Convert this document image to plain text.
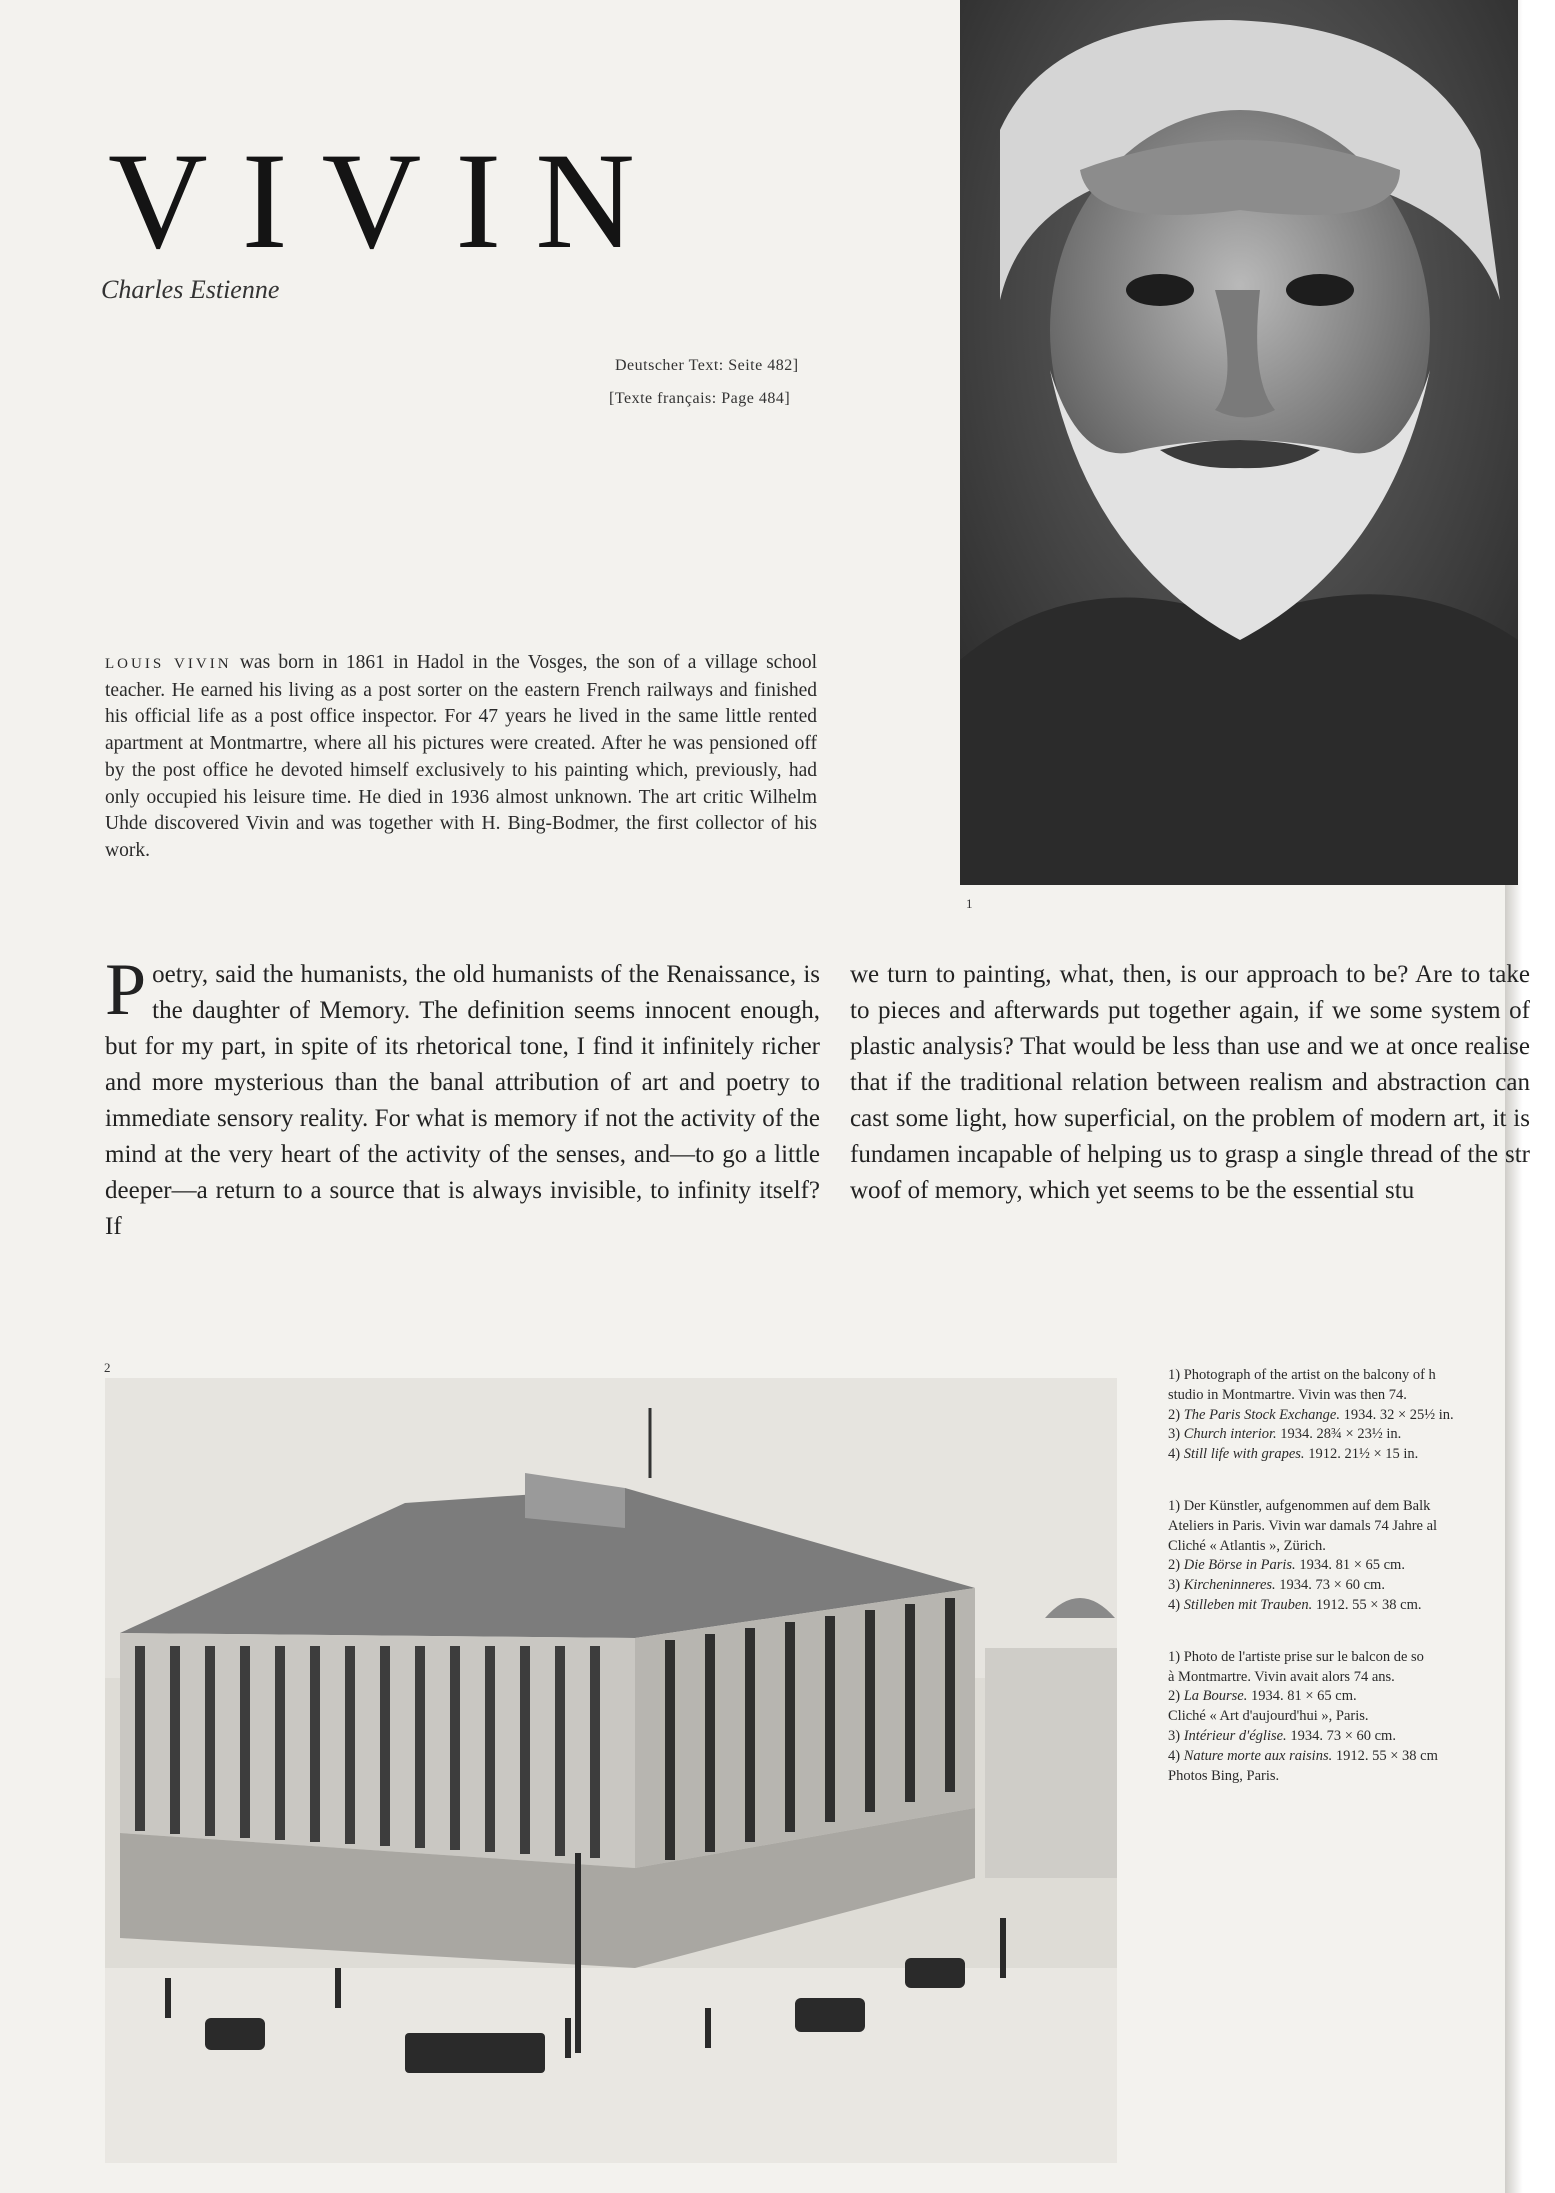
VIVIN
Charles Estienne
Deutscher Text: Seite 482]
[Texte français: Page 484]
1
LOUIS VIVIN was born in 1861 in Hadol in the Vosges, the son of a village school teacher. He earned his living as a post sorter on the eastern French railways and finished his official life as a post office inspector. For 47 years he lived in the same little rented apartment at Montmartre, where all his pictures were created. After he was pensioned off by the post office he devoted himself exclusively to his painting which, previously, had only occupied his leisure time. He died in 1936 almost unknown. The art critic Wilhelm Uhde discovered Vivin and was together with H. Bing-Bodmer, the first collector of his work.
Poetry, said the humanists, the old humanists of the Renaissance, is the daughter of Memory. The definition seems innocent enough, but for my part, in spite of its rhetorical tone, I find it infinitely richer and more mysterious than the banal attribution of art and poetry to immediate sensory reality. For what is memory if not the activity of the mind at the very heart of the activity of the senses, and—to go a little deeper—a return to a source that is always invisible, to infinity itself? If
we turn to painting, what, then, is our approach to be? Are to take to pieces and afterwards put together again, if we some system of plastic analysis? That would be less than use and we at once realise that if the traditional relation between realism and abstraction can cast some light, how superficial, on the problem of modern art, it is fundamen incapable of helping us to grasp a single thread of the str woof of memory, which yet seems to be the essential stu
2	1) Photograph of the artist on the balcony of h
studio in Montmartre. Vivin was then 74.
2) The Paris Stock Exchange. 1934. 32 × 25½ in.
3) Church interior. 1934. 28¾ × 23½ in.
4) Still life with grapes. 1912. 21½ × 15 in.
1) Der Künstler, aufgenommen auf dem Balk
Ateliers in Paris. Vivin war damals 74 Jahre al
Cliché « Atlantis », Zürich.
2) Die Börse in Paris. 1934. 81 × 65 cm.
3) Kircheninneres. 1934. 73 × 60 cm.
4) Stilleben mit Trauben. 1912. 55 × 38 cm.
1) Photo de l'artiste prise sur le balcon de so
à Montmartre. Vivin avait alors 74 ans.
2) La Bourse. 1934. 81 × 65 cm.
Cliché « Art d'aujourd'hui », Paris.
3) Intérieur d'église. 1934. 73 × 60 cm.
4) Nature morte aux raisins. 1912. 55 × 38 cm
Photos Bing, Paris.
